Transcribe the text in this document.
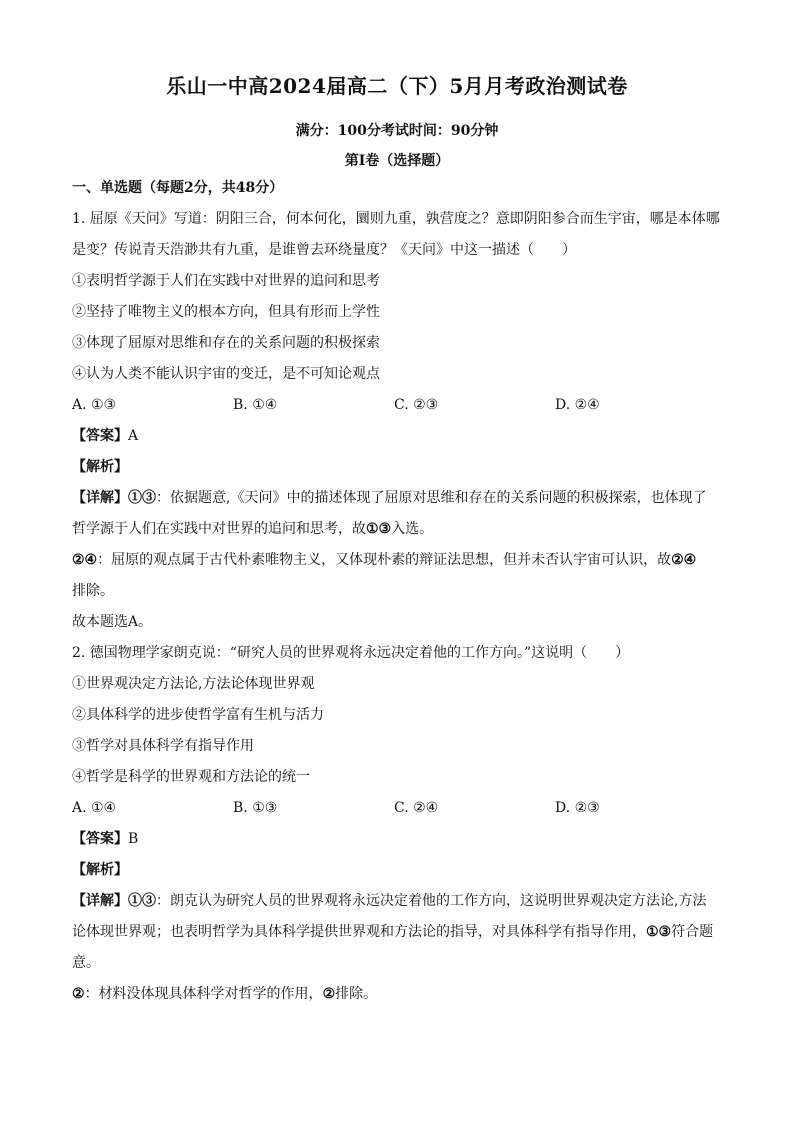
乐山一中高2024届高二（下）5月月考政治测试卷
满分：100分考试时间：90分钟
第Ⅰ卷（选择题）
一、单选题（每题2分，共48分）
1. 屈原《天问》写道：阴阳三合，何本何化，圜则九重，孰营度之？意即阴阳参合而生宇宙，哪是本体哪
是变？传说青天浩渺共有九重，是谁曾去环绕量度？《天问》中这一描述（　　）
①表明哲学源于人们在实践中对世界的追问和思考
②坚持了唯物主义的根本方向，但具有形而上学性
③体现了屈原对思维和存在的关系问题的积极探索
④认为人类不能认识宇宙的变迁，是不可知论观点
A. ①③	B. ①④	C. ②③	D. ②④
【答案】A
【解析】
【详解】①③：依据题意,《天问》中的描述体现了屈原对思维和存在的关系问题的积极探索，也体现了
哲学源于人们在实践中对世界的追问和思考，故①③入选。
②④：屈原的观点属于古代朴素唯物主义，又体现朴素的辩证法思想，但并未否认宇宙可认识，故②④
排除。
故本题选A。
2. 德国物理学家朗克说：“研究人员的世界观将永远决定着他的工作方向。”这说明（　　）
①世界观决定方法论,方法论体现世界观
②具体科学的进步使哲学富有生机与活力
③哲学对具体科学有指导作用
④哲学是科学的世界观和方法论的统一
A. ①④	B. ①③	C. ②④	D. ②③
【答案】B
【解析】
【详解】①③：朗克认为研究人员的世界观将永远决定着他的工作方向，这说明世界观决定方法论,方法
论体现世界观；也表明哲学为具体科学提供世界观和方法论的指导，对具体科学有指导作用，①③符合题
意。
②：材料没体现具体科学对哲学的作用，②排除。
